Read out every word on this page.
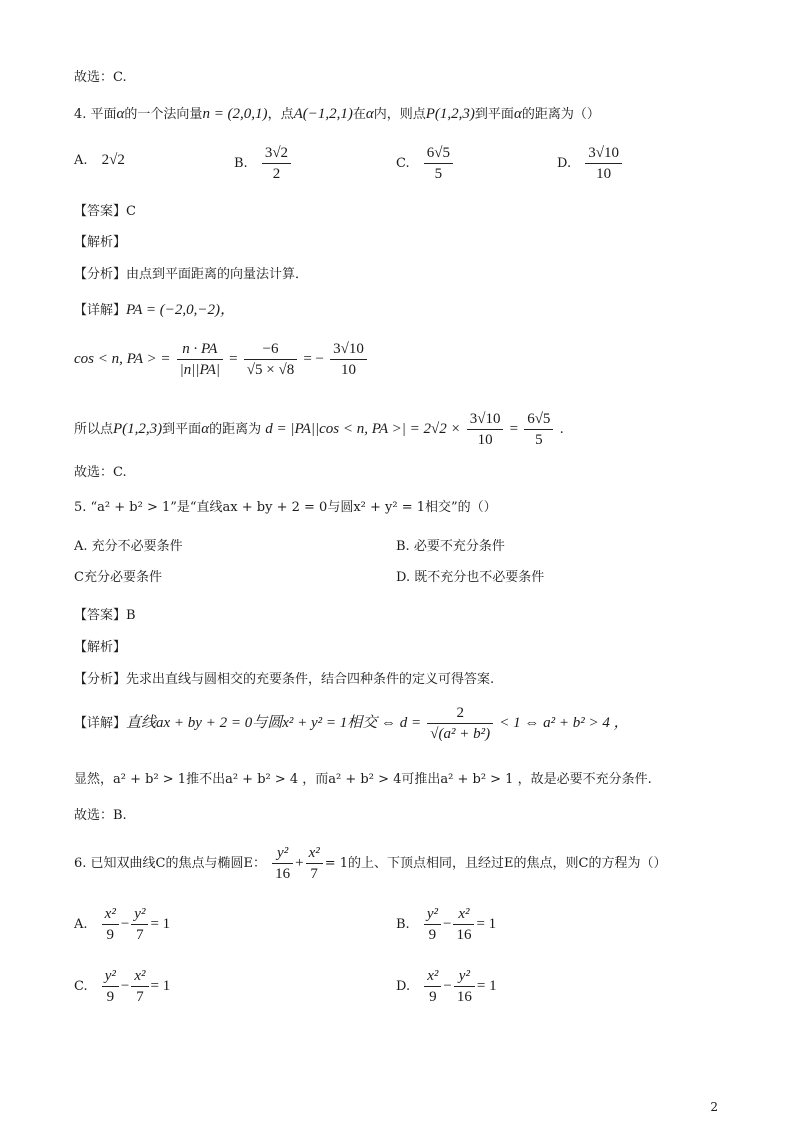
故选：C.
4. 平面α的一个法向量n = (2,0,1)，点A(−1,2,1)在α内，则点P(1,2,3)到平面α的距离为（）
A. 2√2	B. $\frac{3√2}{2}$	C. $\frac{6√5}{5}$	D. $\frac{3√10}{10}$
【答案】C
【解析】
【分析】由点到平面距离的向量法计算．
【详解】PA = (−2,0,−2)，
cos < n, PA > = $\frac{n \cdot PA}{|n||PA|} = \frac{-6}{√5 \times √8}$ = − $\frac{3√10}{10}$
所以点P(1,2,3)到平面α的距离为 d = |PA||cos < n, PA >| = $2√2 \times \frac{3√10}{10} = \frac{6√5}{5}$ .
故选：C.
5. “a² + b² > 1”是“直线ax + by + 2 = 0与圆x² + y² = 1相交”的（）
A. 充分不必要条件	B. 必要不充分条件
C充分必要条件	D. 既不充分也不必要条件
【答案】B
【解析】
【分析】先求出直线与圆相交的充要条件，结合四种条件的定义可得答案.
【详解】直线ax + by + 2 = 0与圆x² + y² = 1相交 ⇔ $d = \frac{2}{\text{√(a² + b²)}} < 1$ ⇔ a² + b² > 4 ，
显然，a² + b² > 1推不出a² + b² > 4 ，而a² + b² > 4可推出a² + b² > 1 ，故是必要不充分条件.
故选：B.
6. 已知双曲线C的焦点与椭圆E： $\frac{\text{y²}}{16} + \frac{\text{x²}}{7} = 1$的上、下顶点相同，且经过E的焦点，则C的方程为（）
A. $\frac{\text{x²}}{9} - \frac{\text{y²}}{7} = 1$	B. $\frac{\text{y²}}{9} - \frac{\text{x²}}{16} = 1$
C. $\frac{\text{y²}}{9} - \frac{\text{x²}}{7} = 1$	D. $\frac{\text{x²}}{9} - \frac{\text{y²}}{16} = 1$
2
